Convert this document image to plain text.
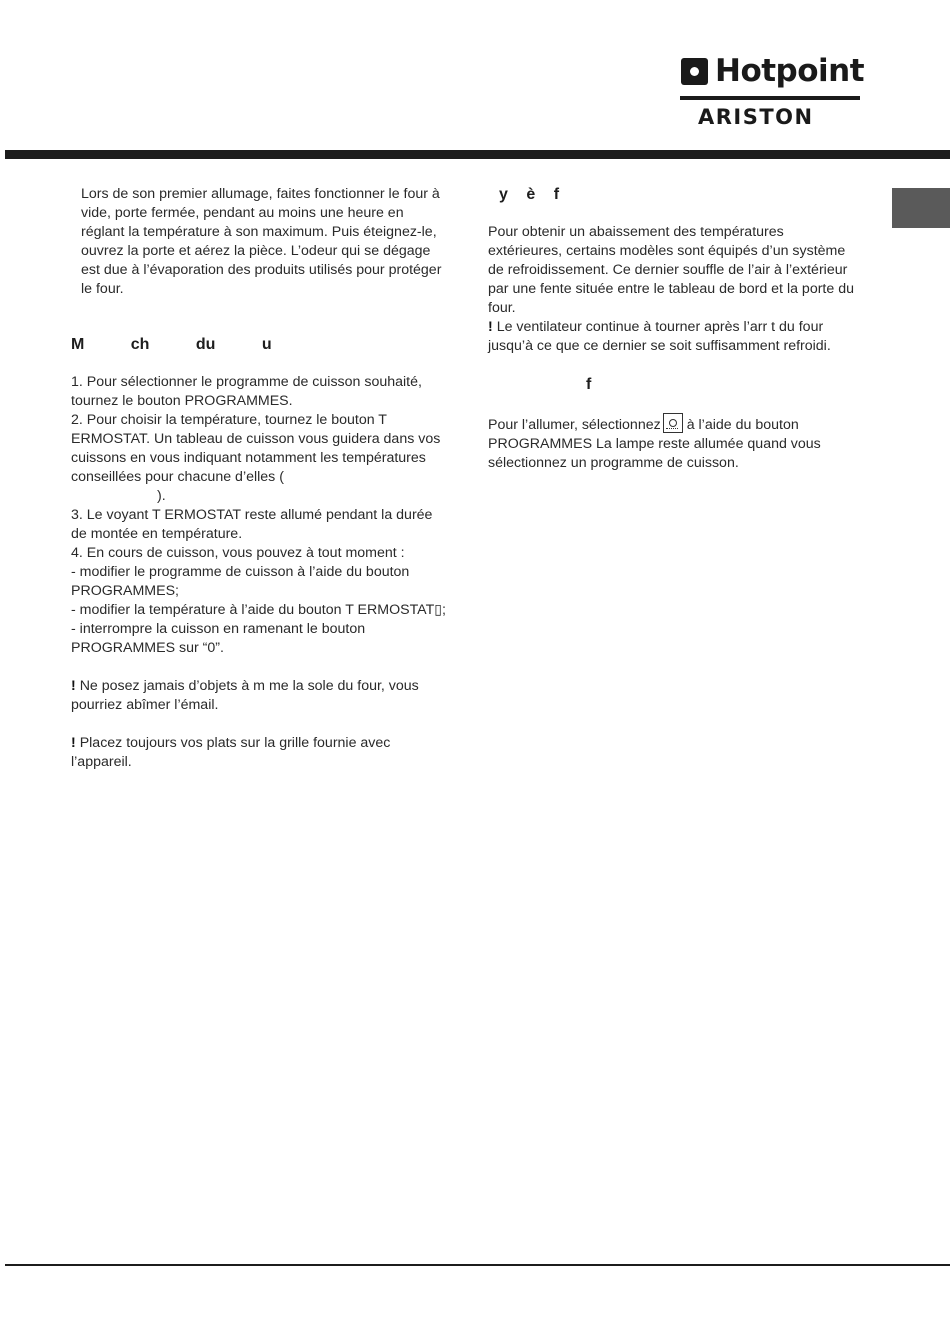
Hotpoint
ARISTON

Lors de son premier allumage, faites fonctionner le four à vide, porte fermée, pendant au moins une heure en réglant la température à son maximum. Puis éteignez-le, ouvrez la porte et aérez la pièce. L’odeur qui se dégage est due à l’évaporation des produits utilisés pour protéger le four.

M ch du u

1. Pour sélectionner le programme de cuisson souhaité, tournez le bouton PROGRAMMES.

2. Pour choisir la température, tournez le bouton T ERMOSTAT. Un tableau de cuisson vous guidera dans vos cuissons en vous indiquant notamment les températures conseillées pour chacune d’elles (

).

3. Le voyant T ERMOSTAT reste allumé pendant la durée de montée en température.

4. En cours de cuisson, vous pouvez à tout moment :

- modifier le programme de cuisson à l’aide du bouton PROGRAMMES;

- modifier la température à l’aide du bouton T ERMOSTAT▯;

- interrompre la cuisson en ramenant le bouton PROGRAMMES sur “0”.

! Ne posez jamais d’objets à m me la sole du four, vous pourriez abîmer l’émail.

! Placez toujours vos plats sur la grille fournie avec l’appareil.

y è f

Pour obtenir un abaissement des températures extérieures, certains modèles sont équipés d’un système de refroidissement. Ce dernier souffle de l’air à l’extérieur par une fente située entre le tableau de bord et la porte du four.

! Le ventilateur continue à tourner après l’arr t du four jusqu’à ce que ce dernier se soit suffisamment refroidi.

f

Pour l’allumer, sélectionnez à l’aide du bouton PROGRAMMES La lampe reste allumée quand vous sélectionnez un programme de cuisson.
